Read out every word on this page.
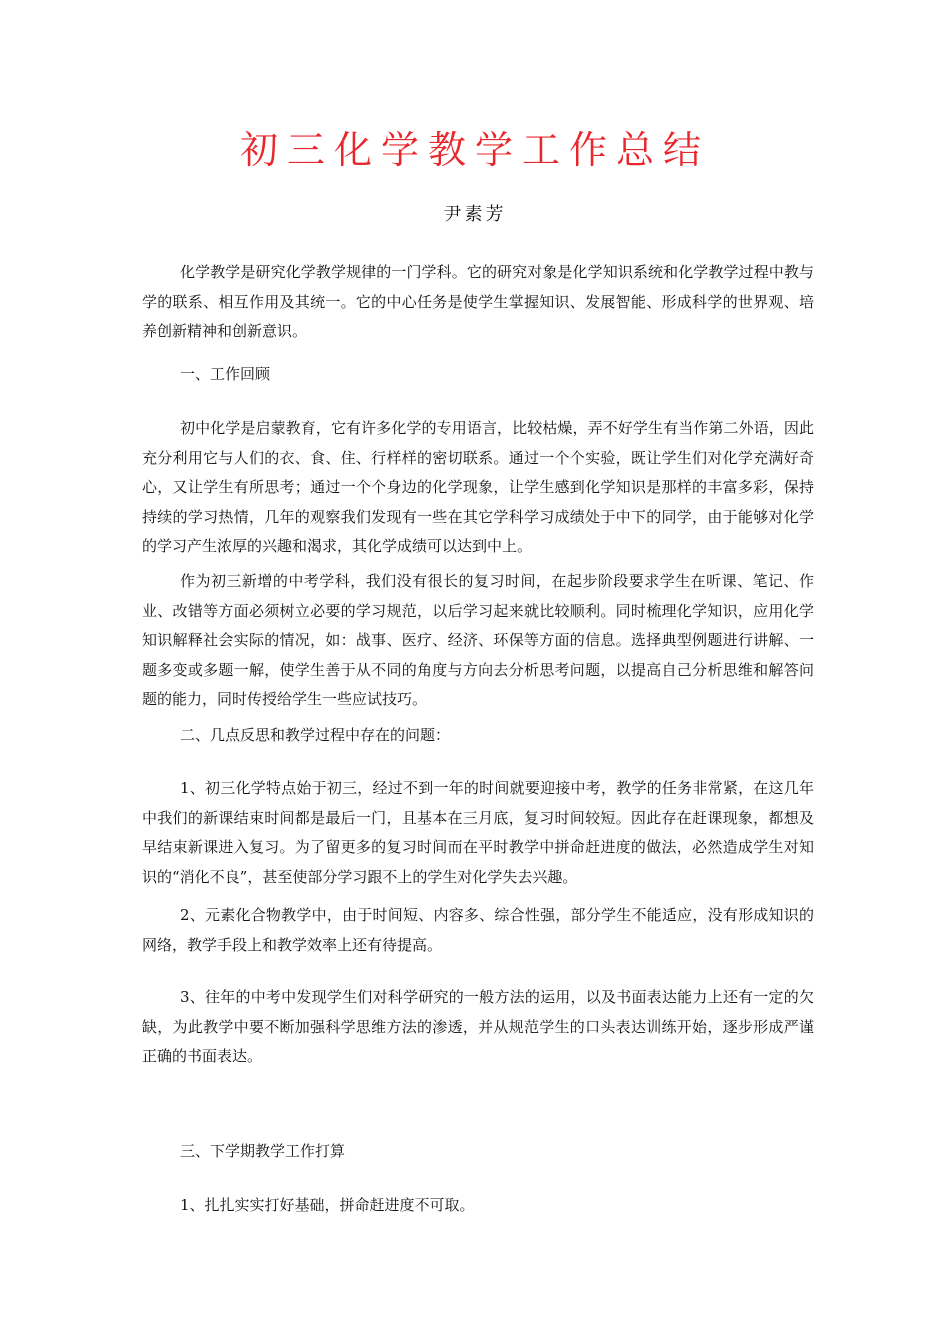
初三化学教学工作总结

尹素芳

化学教学是研究化学教学规律的一门学科。它的研究对象是化学知识系统和化学教学过程中教与学的联系、相互作用及其统一。它的中心任务是使学生掌握知识、发展智能、形成科学的世界观、培养创新精神和创新意识。

一、工作回顾

初中化学是启蒙教育，它有许多化学的专用语言，比较枯燥，弄不好学生有当作第二外语，因此充分利用它与人们的衣、食、住、行样样的密切联系。通过一个个实验，既让学生们对化学充满好奇心，又让学生有所思考；通过一个个身边的化学现象，让学生感到化学知识是那样的丰富多彩，保持持续的学习热情，几年的观察我们发现有一些在其它学科学习成绩处于中下的同学，由于能够对化学的学习产生浓厚的兴趣和渴求，其化学成绩可以达到中上。

作为初三新增的中考学科，我们没有很长的复习时间，在起步阶段要求学生在听课、笔记、作业、改错等方面必须树立必要的学习规范，以后学习起来就比较顺利。同时梳理化学知识，应用化学知识解释社会实际的情况，如：战事、医疗、经济、环保等方面的信息。选择典型例题进行讲解、一题多变或多题一解，使学生善于从不同的角度与方向去分析思考问题，以提高自己分析思维和解答问题的能力，同时传授给学生一些应试技巧。

二、几点反思和教学过程中存在的问题：

1、初三化学特点始于初三，经过不到一年的时间就要迎接中考，教学的任务非常紧，在这几年中我们的新课结束时间都是最后一门，且基本在三月底，复习时间较短。因此存在赶课现象，都想及早结束新课进入复习。为了留更多的复习时间而在平时教学中拼命赶进度的做法，必然造成学生对知识的“消化不良”，甚至使部分学习跟不上的学生对化学失去兴趣。

2、元素化合物教学中，由于时间短、内容多、综合性强，部分学生不能适应，没有形成知识的网络，教学手段上和教学效率上还有待提高。

3、往年的中考中发现学生们对科学研究的一般方法的运用，以及书面表达能力上还有一定的欠缺，为此教学中要不断加强科学思维方法的渗透，并从规范学生的口头表达训练开始，逐步形成严谨正确的书面表达。

三、下学期教学工作打算

1、扎扎实实打好基础，拼命赶进度不可取。
